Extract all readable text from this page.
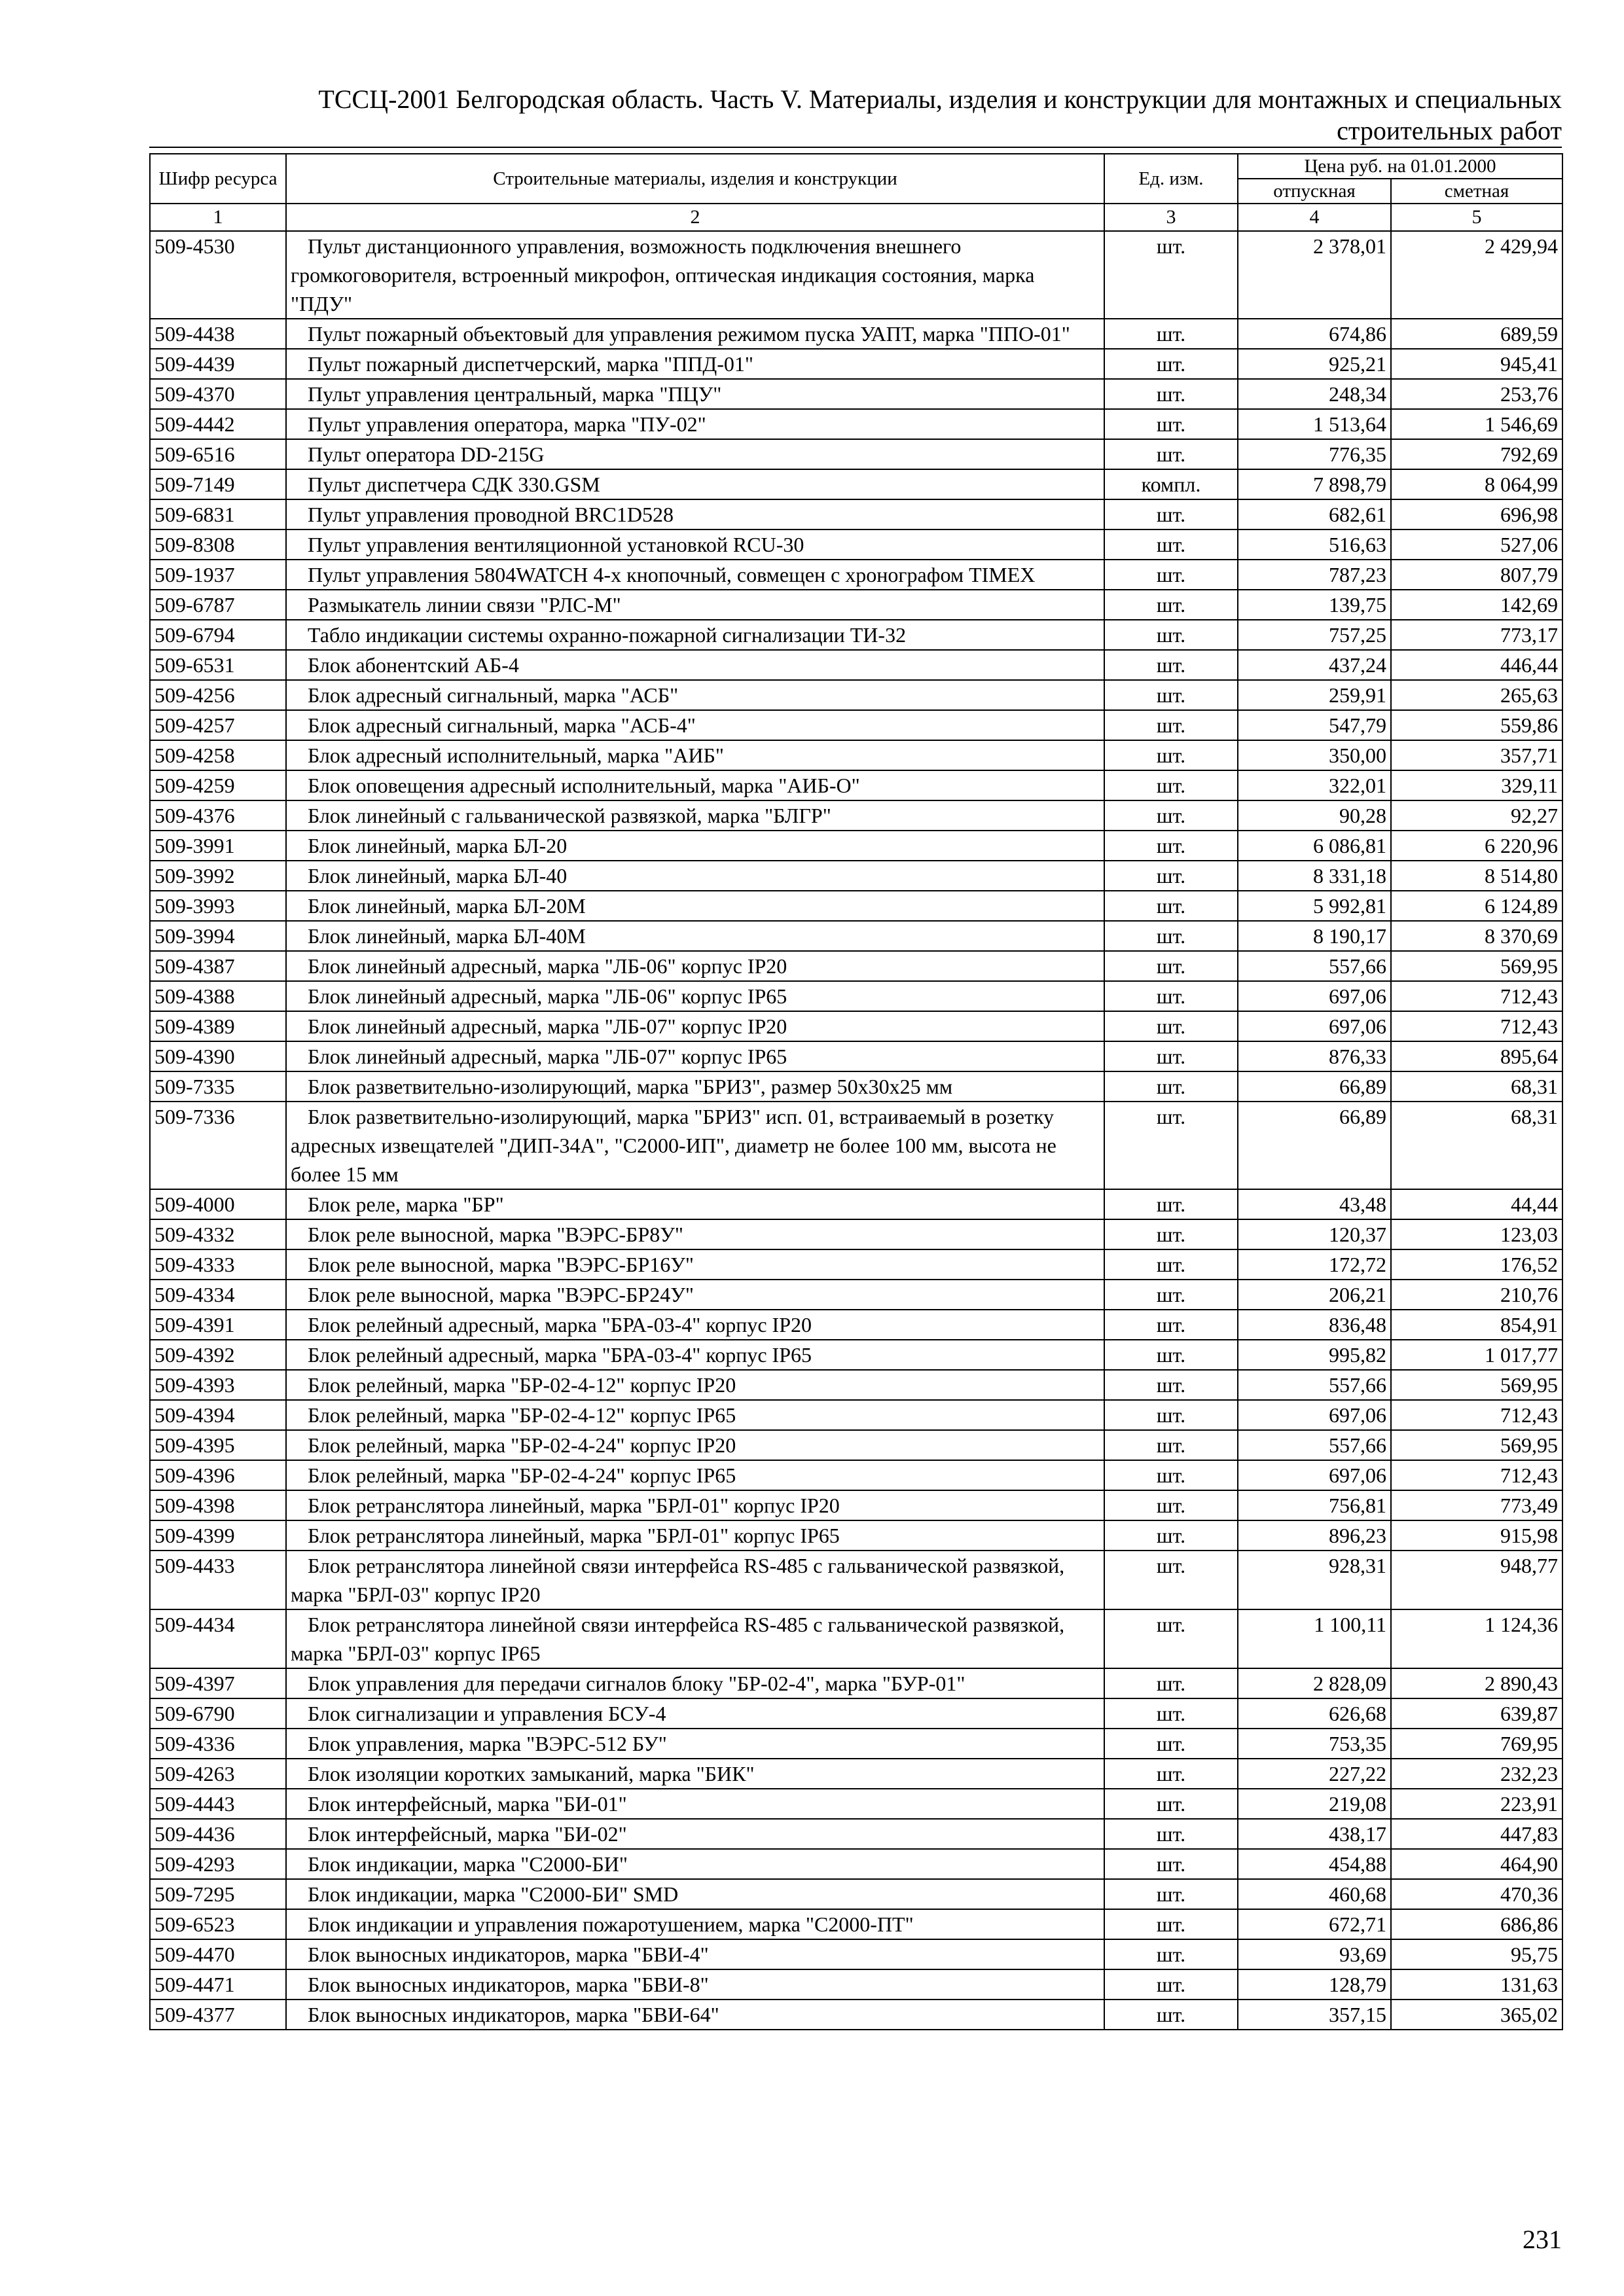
ТССЦ-2001 Белгородская область. Часть V. Материалы, изделия и конструкции для монтажных и специальных
строительных работ
Шифр ресурса	Строительные материалы, изделия и конструкции	Ед. изм.	Цена руб. на 01.01.2000	
			отпускная	сметная
1	2	3	4	5
509-4530	Пульт дистанционного управления, возможность подключения внешнего громкоговорителя, встроенный микрофон, оптическая индикация состояния, марка "ПДУ"	шт.	2 378,01	2 429,94
509-4438	Пульт пожарный объектовый для управления режимом пуска УАПТ, марка "ППО-01"	шт.	674,86	689,59
509-4439	Пульт пожарный диспетчерский, марка "ППД-01"	шт.	925,21	945,41
509-4370	Пульт управления центральный, марка "ПЦУ"	шт.	248,34	253,76
509-4442	Пульт управления оператора, марка "ПУ-02"	шт.	1 513,64	1 546,69
509-6516	Пульт оператора DD-215G	шт.	776,35	792,69
509-7149	Пульт диспетчера СДК 330.GSM	компл.	7 898,79	8 064,99
509-6831	Пульт управления проводной BRC1D528	шт.	682,61	696,98
509-8308	Пульт управления вентиляционной установкой RCU-30	шт.	516,63	527,06
509-1937	Пульт управления 5804WATCH 4-х кнопочный, совмещен с хронографом TIMEX	шт.	787,23	807,79
509-6787	Размыкатель линии связи "РЛС-М"	шт.	139,75	142,69
509-6794	Табло индикации системы охранно-пожарной сигнализации ТИ-32	шт.	757,25	773,17
509-6531	Блок абонентский АБ-4	шт.	437,24	446,44
509-4256	Блок адресный сигнальный, марка "АСБ"	шт.	259,91	265,63
509-4257	Блок адресный сигнальный, марка "АСБ-4"	шт.	547,79	559,86
509-4258	Блок адресный исполнительный, марка "АИБ"	шт.	350,00	357,71
509-4259	Блок оповещения адресный исполнительный, марка "АИБ-О"	шт.	322,01	329,11
509-4376	Блок линейный с гальванической развязкой, марка "БЛГР"	шт.	90,28	92,27
509-3991	Блок линейный, марка БЛ-20	шт.	6 086,81	6 220,96
509-3992	Блок линейный, марка БЛ-40	шт.	8 331,18	8 514,80
509-3993	Блок линейный, марка БЛ-20М	шт.	5 992,81	6 124,89
509-3994	Блок линейный, марка БЛ-40М	шт.	8 190,17	8 370,69
509-4387	Блок линейный адресный, марка "ЛБ-06" корпус IP20	шт.	557,66	569,95
509-4388	Блок линейный адресный, марка "ЛБ-06" корпус IP65	шт.	697,06	712,43
509-4389	Блок линейный адресный, марка "ЛБ-07" корпус IP20	шт.	697,06	712,43
509-4390	Блок линейный адресный, марка "ЛБ-07" корпус IP65	шт.	876,33	895,64
509-7335	Блок разветвительно-изолирующий, марка "БРИЗ", размер 50х30х25 мм	шт.	66,89	68,31
509-7336	Блок разветвительно-изолирующий, марка "БРИЗ" исп. 01, встраиваемый в розетку адресных извещателей "ДИП-34А", "С2000-ИП", диаметр не более 100 мм, высота не более 15 мм	шт.	66,89	68,31
509-4000	Блок реле, марка "БР"	шт.	43,48	44,44
509-4332	Блок реле выносной, марка "ВЭРС-БР8У"	шт.	120,37	123,03
509-4333	Блок реле выносной, марка "ВЭРС-БР16У"	шт.	172,72	176,52
509-4334	Блок реле выносной, марка "ВЭРС-БР24У"	шт.	206,21	210,76
509-4391	Блок релейный адресный, марка "БРА-03-4" корпус IP20	шт.	836,48	854,91
509-4392	Блок релейный адресный, марка "БРА-03-4" корпус IP65	шт.	995,82	1 017,77
509-4393	Блок релейный, марка "БР-02-4-12" корпус IP20	шт.	557,66	569,95
509-4394	Блок релейный, марка "БР-02-4-12" корпус IP65	шт.	697,06	712,43
509-4395	Блок релейный, марка "БР-02-4-24" корпус IP20	шт.	557,66	569,95
509-4396	Блок релейный, марка "БР-02-4-24" корпус IP65	шт.	697,06	712,43
509-4398	Блок ретранслятора линейный, марка "БРЛ-01" корпус IP20	шт.	756,81	773,49
509-4399	Блок ретранслятора линейный, марка "БРЛ-01" корпус IP65	шт.	896,23	915,98
509-4433	Блок ретранслятора линейной связи интерфейса RS-485 с гальванической развязкой, марка "БРЛ-03" корпус IP20	шт.	928,31	948,77
509-4434	Блок ретранслятора линейной связи интерфейса RS-485 с гальванической развязкой, марка "БРЛ-03" корпус IP65	шт.	1 100,11	1 124,36
509-4397	Блок управления для передачи сигналов блоку "БР-02-4", марка "БУР-01"	шт.	2 828,09	2 890,43
509-6790	Блок сигнализации и управления БСУ-4	шт.	626,68	639,87
509-4336	Блок управления, марка "ВЭРС-512 БУ"	шт.	753,35	769,95
509-4263	Блок изоляции коротких замыканий, марка "БИК"	шт.	227,22	232,23
509-4443	Блок интерфейсный, марка "БИ-01"	шт.	219,08	223,91
509-4436	Блок интерфейсный, марка "БИ-02"	шт.	438,17	447,83
509-4293	Блок индикации, марка "С2000-БИ"	шт.	454,88	464,90
509-7295	Блок индикации, марка "С2000-БИ" SMD	шт.	460,68	470,36
509-6523	Блок индикации и управления пожаротушением, марка "С2000-ПТ"	шт.	672,71	686,86
509-4470	Блок выносных индикаторов, марка "БВИ-4"	шт.	93,69	95,75
509-4471	Блок выносных индикаторов, марка "БВИ-8"	шт.	128,79	131,63
509-4377	Блок выносных индикаторов, марка "БВИ-64"	шт.	357,15	365,02
231
